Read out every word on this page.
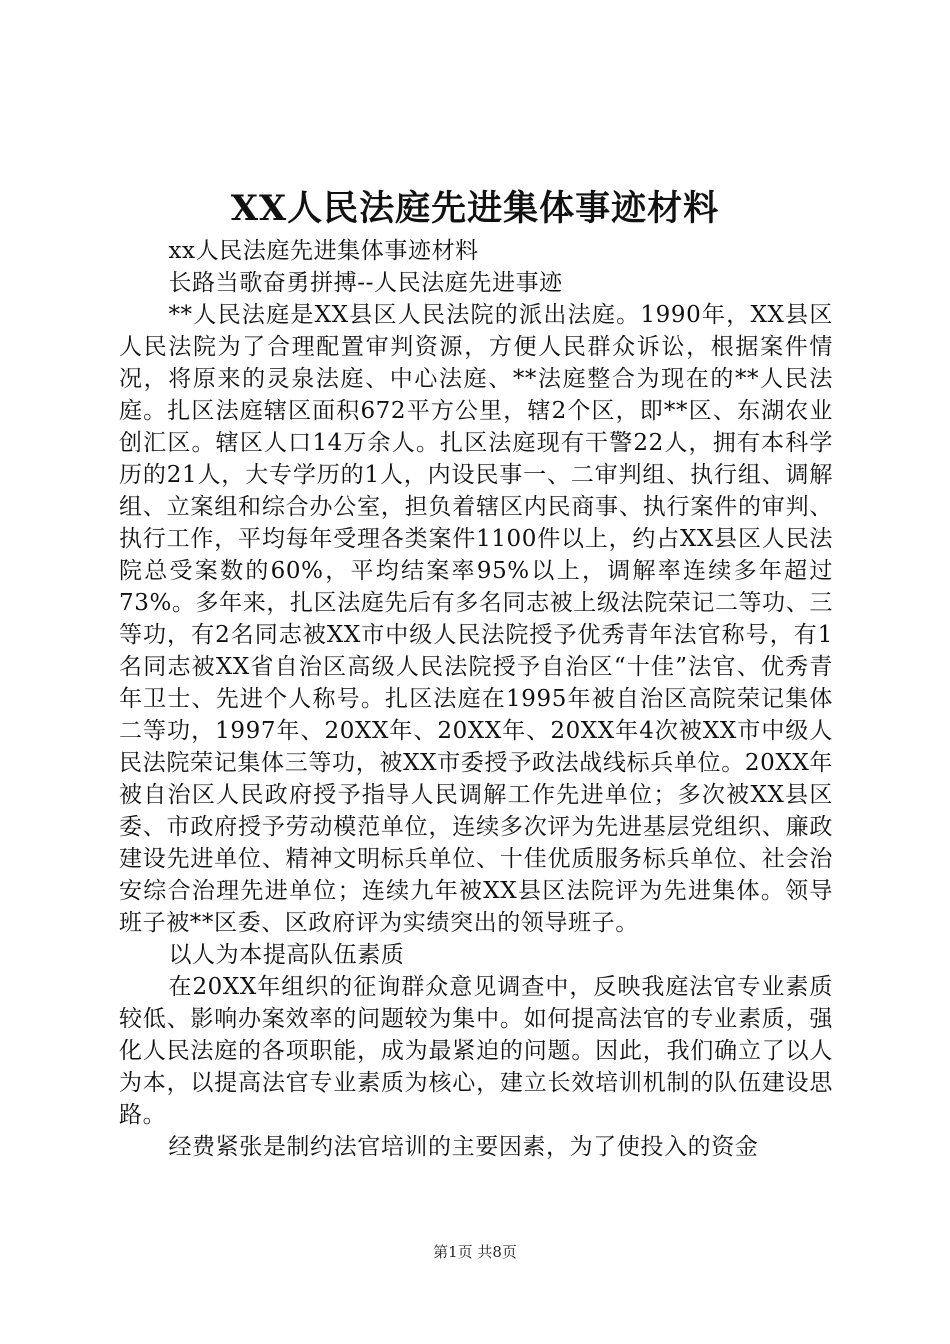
XX人民法庭先进集体事迹材料

xx人民法庭先进集体事迹材料

长路当歌奋勇拼搏--人民法庭先进事迹

**人民法庭是XX县区人民法院的派出法庭。1990年，XX县区人民法院为了合理配置审判资源，方便人民群众诉讼，根据案件情况，将原来的灵泉法庭、中心法庭、**法庭整合为现在的**人民法庭。扎区法庭辖区面积672平方公里，辖2个区，即**区、东湖农业创汇区。辖区人口14万余人。扎区法庭现有干警22人，拥有本科学历的21人，大专学历的1人，内设民事一、二审判组、执行组、调解组、立案组和综合办公室，担负着辖区内民商事、执行案件的审判、执行工作，平均每年受理各类案件1100件以上，约占XX县区人民法院总受案数的60%，平均结案率95%以上，调解率连续多年超过73%。多年来，扎区法庭先后有多名同志被上级法院荣记二等功、三等功，有2名同志被XX市中级人民法院授予优秀青年法官称号，有1名同志被XX省自治区高级人民法院授予自治区“十佳”法官、优秀青年卫士、先进个人称号。扎区法庭在1995年被自治区高院荣记集体二等功，1997年、20XX年、20XX年、20XX年4次被XX市中级人民法院荣记集体三等功，被XX市委授予政法战线标兵单位。20XX年被自治区人民政府授予指导人民调解工作先进单位；多次被XX县区委、市政府授予劳动模范单位，连续多次评为先进基层党组织、廉政建设先进单位、精神文明标兵单位、十佳优质服务标兵单位、社会治安综合治理先进单位；连续九年被XX县区法院评为先进集体。领导班子被**区委、区政府评为实绩突出的领导班子。

以人为本提高队伍素质

在20XX年组织的征询群众意见调查中，反映我庭法官专业素质较低、影响办案效率的问题较为集中。如何提高法官的专业素质，强化人民法庭的各项职能，成为最紧迫的问题。因此，我们确立了以人为本，以提高法官专业素质为核心，建立长效培训机制的队伍建设思路。

经费紧张是制约法官培训的主要因素，为了使投入的资金

第1页 共8页
